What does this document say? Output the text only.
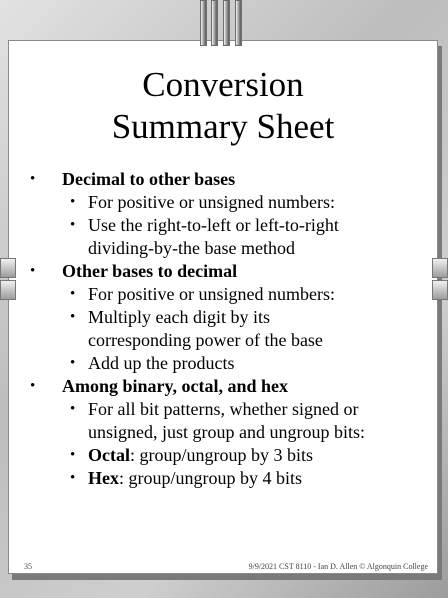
Conversion
Summary Sheet

• Decimal to other bases

• For positive or unsigned numbers:

• Use the right-to-left or left-to-right
dividing-by-the base method

• Other bases to decimal

• For positive or unsigned numbers:

• Multiply each digit by its
corresponding power of the base

• Add up the products

• Among binary, octal, and hex

• For all bit patterns, whether signed or
unsigned, just group and ungroup bits:

• Octal: group/ungroup by 3 bits

• Hex: group/ungroup by 4 bits

35	9/9/2021 CST 8110 - Ian D. Allen © Algonquin College
